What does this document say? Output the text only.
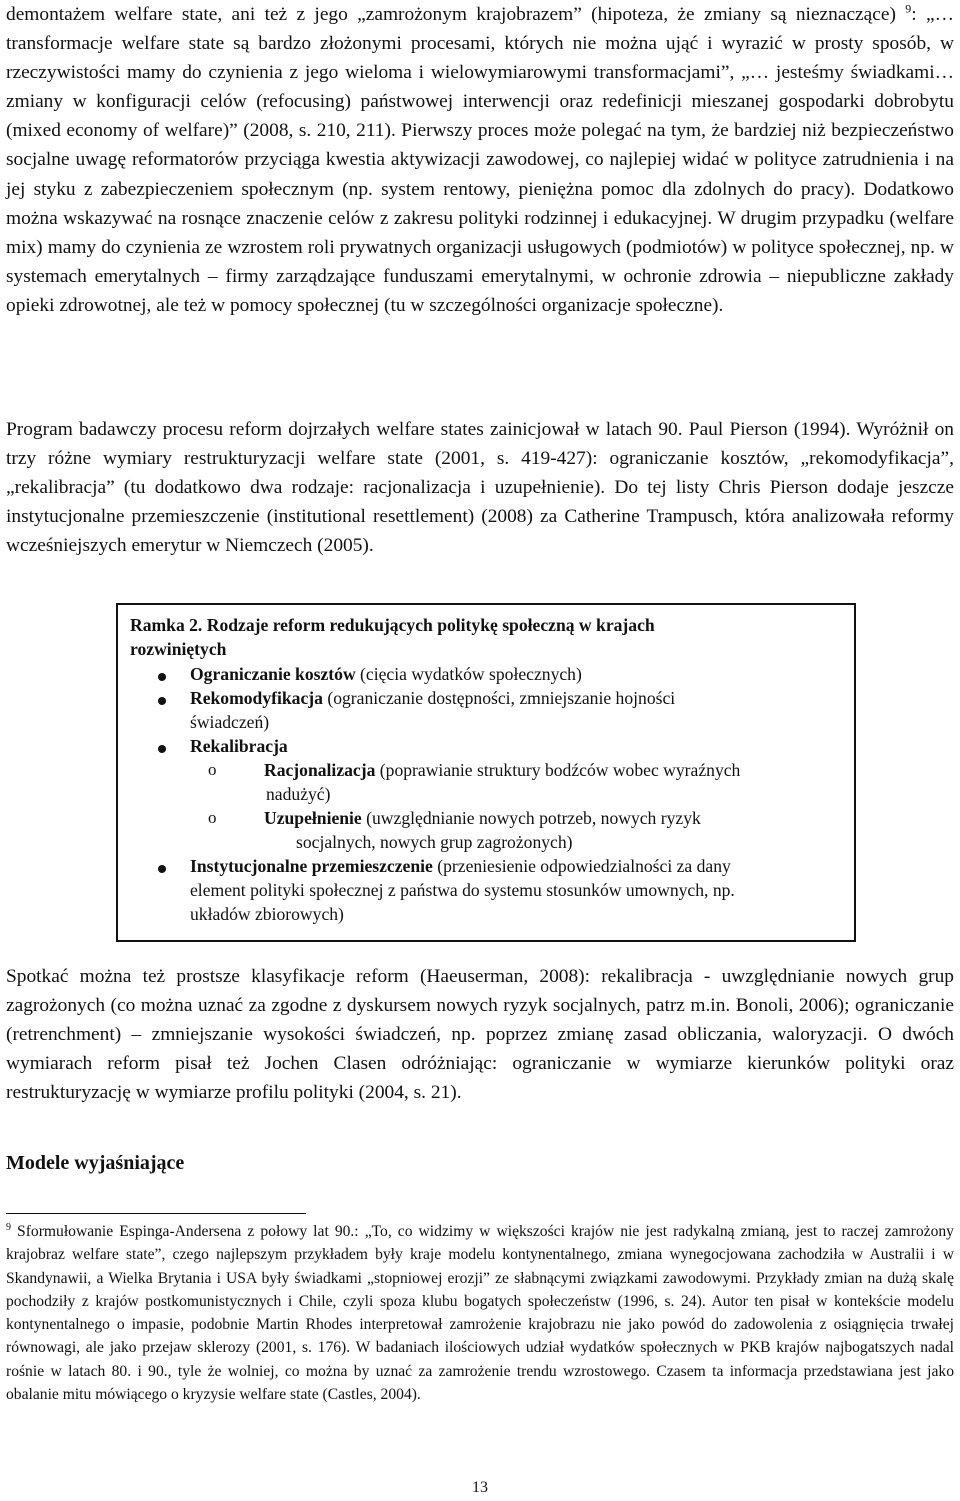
demontażem welfare state, ani też z jego „zamrożonym krajobrazem” (hipoteza, że zmiany są nieznaczące) $^9$: „… transformacje welfare state są bardzo złożonymi procesami, których nie można ująć i wyrazić w prosty sposób, w rzeczywistości mamy do czynienia z jego wieloma i wielowymiarowymi transformacjami”, „… jesteśmy świadkami… zmiany w konfiguracji celów (refocusing) państwowej interwencji oraz redefinicji mieszanej gospodarki dobrobytu (mixed economy of welfare)” (2008, s. 210, 211). Pierwszy proces może polegać na tym, że bardziej niż bezpieczeństwo socjalne uwagę reformatorów przyciąga kwestia aktywizacji zawodowej, co najlepiej widać w polityce zatrudnienia i na jej styku z zabezpieczeniem społecznym (np. system rentowy, pieniężna pomoc dla zdolnych do pracy). Dodatkowo można wskazywać na rosnące znaczenie celów z zakresu polityki rodzinnej i edukacyjnej. W drugim przypadku (welfare mix) mamy do czynienia ze wzrostem roli prywatnych organizacji usługowych (podmiotów) w polityce społecznej, np. w systemach emerytalnych – firmy zarządzające funduszami emerytalnymi, w ochronie zdrowia – niepubliczne zakłady opieki zdrowotnej, ale też w pomocy społecznej (tu w szczególności organizacje społeczne).

Program badawczy procesu reform dojrzałych welfare states zainicjował w latach 90. Paul Pierson (1994). Wyróżnił on trzy różne wymiary restrukturyzacji welfare state (2001, s. 419-427): ograniczanie kosztów, „rekomodyfikacja”, „rekalibracja” (tu dodatkowo dwa rodzaje: racjonalizacja i uzupełnienie). Do tej listy Chris Pierson dodaje jeszcze instytucjonalne przemieszczenie (institutional resettlement) (2008) za Catherine Trampusch, która analizowała reformy wcześniejszych emerytur w Niemczech (2005).

Ramka 2. Rodzaje reform redukujących politykę społeczną w krajach
rozwiniętych

Ograniczanie kosztów (cięcia wydatków społecznych)

Rekomodyfikacja (ograniczanie dostępności, zmniejszanie hojności

świadczeń)

Rekalibracja

o	Racjonalizacja (poprawianie struktury bodźców wobec wyraźnych

nadużyć)

o	Uzupełnienie (uwzględnianie nowych potrzeb, nowych ryzyk

socjalnych, nowych grup zagrożonych)

Instytucjonalne przemieszczenie (przeniesienie odpowiedzialności za dany

element polityki społecznej z państwa do systemu stosunków umownych, np.

układów zbiorowych)

Spotkać można też prostsze klasyfikacje reform (Haeuserman, 2008): rekalibracja - uwzględnianie nowych grup zagrożonych (co można uznać za zgodne z dyskursem nowych ryzyk socjalnych, patrz m.in. Bonoli, 2006); ograniczanie (retrenchment) – zmniejszanie wysokości świadczeń, np. poprzez zmianę zasad obliczania, waloryzacji. O dwóch wymiarach reform pisał też Jochen Clasen odróżniając: ograniczanie w wymiarze kierunków polityki oraz restrukturyzację w wymiarze profilu polityki (2004, s. 21).

Modele wyjaśniające

$^9$ Sformułowanie Espinga-Andersena z połowy lat 90.: „To, co widzimy w większości krajów nie jest radykalną zmianą, jest to raczej zamrożony krajobraz welfare state”, czego najlepszym przykładem były kraje modelu kontynentalnego, zmiana wynegocjowana zachodziła w Australii i w Skandynawii, a Wielka Brytania i USA były świadkami „stopniowej erozji” ze słabnącymi związkami zawodowymi. Przykłady zmian na dużą skalę pochodziły z krajów postkomunistycznych i Chile, czyli spoza klubu bogatych społeczeństw (1996, s. 24). Autor ten pisał w kontekście modelu kontynentalnego o impasie, podobnie Martin Rhodes interpretował zamrożenie krajobrazu nie jako powód do zadowolenia z osiągnięcia trwałej równowagi, ale jako przejaw sklerozy (2001, s. 176). W badaniach ilościowych udział wydatków społecznych w PKB krajów najbogatszych nadal rośnie w latach 80. i 90., tyle że wolniej, co można by uznać za zamrożenie trendu wzrostowego. Czasem ta informacja przedstawiana jest jako obalanie mitu mówiącego o kryzysie welfare state (Castles, 2004).

13
